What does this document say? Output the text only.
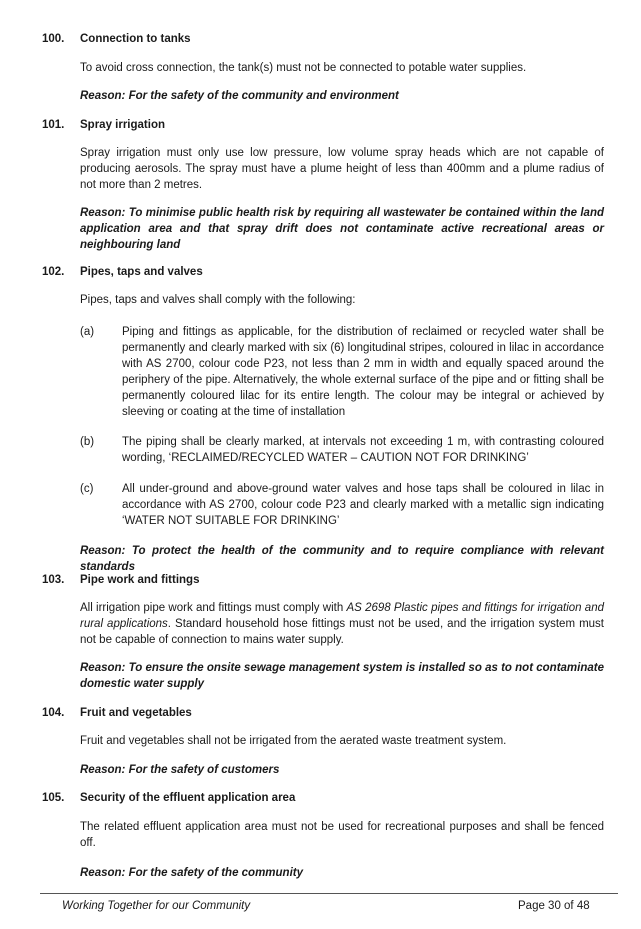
100. Connection to tanks

To avoid cross connection, the tank(s) must not be connected to potable water supplies.

Reason: For the safety of the community and environment

101. Spray irrigation

Spray irrigation must only use low pressure, low volume spray heads which are not capable of producing aerosols. The spray must have a plume height of less than 400mm and a plume radius of not more than 2 metres.

Reason: To minimise public health risk by requiring all wastewater be contained within the land application area and that spray drift does not contaminate active recreational areas or neighbouring land

102. Pipes, taps and valves

Pipes, taps and valves shall comply with the following:

(a) Piping and fittings as applicable, for the distribution of reclaimed or recycled water shall be permanently and clearly marked with six (6) longitudinal stripes, coloured in lilac in accordance with AS 2700, colour code P23, not less than 2 mm in width and equally spaced around the periphery of the pipe. Alternatively, the whole external surface of the pipe and or fitting shall be permanently coloured lilac for its entire length. The colour may be integral or achieved by sleeving or coating at the time of installation

(b) The piping shall be clearly marked, at intervals not exceeding 1 m, with contrasting coloured wording, ‘RECLAIMED/RECYCLED WATER – CAUTION NOT FOR DRINKING’

(c) All under-ground and above-ground water valves and hose taps shall be coloured in lilac in accordance with AS 2700, colour code P23 and clearly marked with a metallic sign indicating ‘WATER NOT SUITABLE FOR DRINKING’

Reason: To protect the health of the community and to require compliance with relevant standards

103. Pipe work and fittings

All irrigation pipe work and fittings must comply with AS 2698 Plastic pipes and fittings for irrigation and rural applications. Standard household hose fittings must not be used, and the irrigation system must not be capable of connection to mains water supply.

Reason: To ensure the onsite sewage management system is installed so as to not contaminate domestic water supply

104. Fruit and vegetables

Fruit and vegetables shall not be irrigated from the aerated waste treatment system.

Reason: For the safety of customers

105. Security of the effluent application area

The related effluent application area must not be used for recreational purposes and shall be fenced off.

Reason: For the safety of the community

Working Together for our Community	Page 30 of 48
